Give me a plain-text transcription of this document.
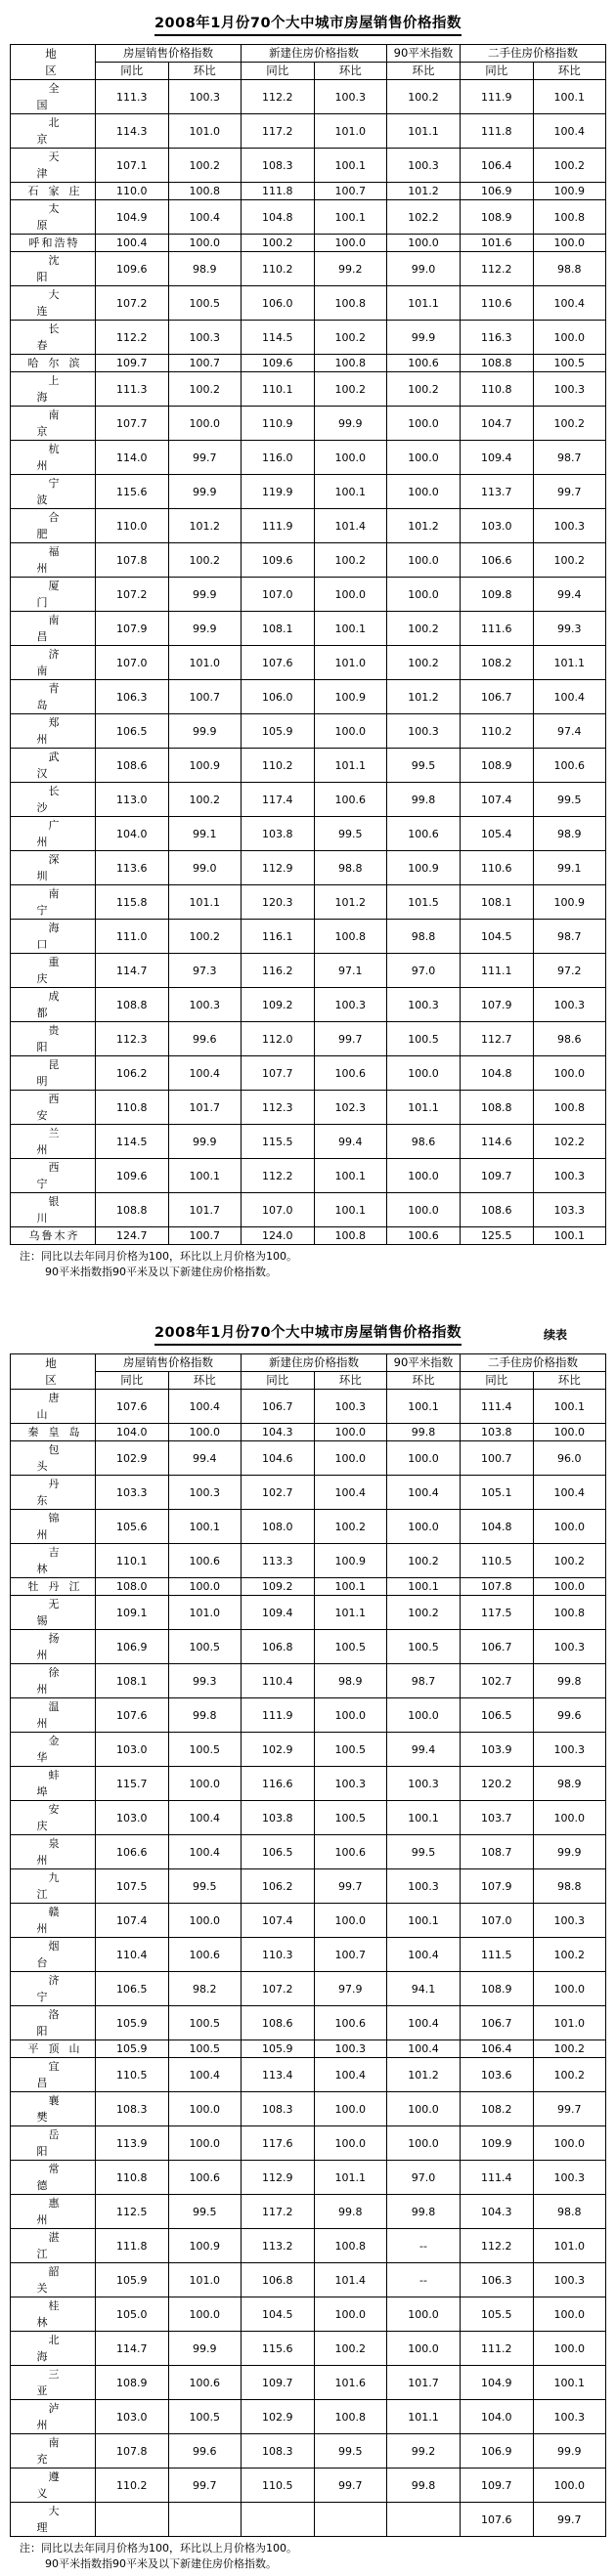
2008年1月份70个大中城市房屋销售价格指数
地 区	房屋销售价格指数		新建住房价格指数		90平米指数	二手住房价格指数	
	同比	环比	同比	环比	环比	同比	环比
全国	111.3	100.3	112.2	100.3	100.2	111.9	100.1
北京	114.3	101.0	117.2	101.0	101.1	111.8	100.4
天津	107.1	100.2	108.3	100.1	100.3	106.4	100.2
石家庄	110.0	100.8	111.8	100.7	101.2	106.9	100.9
太原	104.9	100.4	104.8	100.1	102.2	108.9	100.8
呼和浩特	100.4	100.0	100.2	100.0	100.0	101.6	100.0
沈阳	109.6	98.9	110.2	99.2	99.0	112.2	98.8
大连	107.2	100.5	106.0	100.8	101.1	110.6	100.4
长春	112.2	100.3	114.5	100.2	99.9	116.3	100.0
哈尔滨	109.7	100.7	109.6	100.8	100.6	108.8	100.5
上海	111.3	100.2	110.1	100.2	100.2	110.8	100.3
南京	107.7	100.0	110.9	99.9	100.0	104.7	100.2
杭州	114.0	99.7	116.0	100.0	100.0	109.4	98.7
宁波	115.6	99.9	119.9	100.1	100.0	113.7	99.7
合肥	110.0	101.2	111.9	101.4	101.2	103.0	100.3
福州	107.8	100.2	109.6	100.2	100.0	106.6	100.2
厦门	107.2	99.9	107.0	100.0	100.0	109.8	99.4
南昌	107.9	99.9	108.1	100.1	100.2	111.6	99.3
济南	107.0	101.0	107.6	101.0	100.2	108.2	101.1
青岛	106.3	100.7	106.0	100.9	101.2	106.7	100.4
郑州	106.5	99.9	105.9	100.0	100.3	110.2	97.4
武汉	108.6	100.9	110.2	101.1	99.5	108.9	100.6
长沙	113.0	100.2	117.4	100.6	99.8	107.4	99.5
广州	104.0	99.1	103.8	99.5	100.6	105.4	98.9
深圳	113.6	99.0	112.9	98.8	100.9	110.6	99.1
南宁	115.8	101.1	120.3	101.2	101.5	108.1	100.9
海口	111.0	100.2	116.1	100.8	98.8	104.5	98.7
重庆	114.7	97.3	116.2	97.1	97.0	111.1	97.2
成都	108.8	100.3	109.2	100.3	100.3	107.9	100.3
贵阳	112.3	99.6	112.0	99.7	100.5	112.7	98.6
昆明	106.2	100.4	107.7	100.6	100.0	104.8	100.0
西安	110.8	101.7	112.3	102.3	101.1	108.8	100.8
兰州	114.5	99.9	115.5	99.4	98.6	114.6	102.2
西宁	109.6	100.1	112.2	100.1	100.0	109.7	100.3
银川	108.8	101.7	107.0	100.1	100.0	108.6	103.3
乌鲁木齐	124.7	100.7	124.0	100.8	100.6	125.5	100.1
注：同比以去年同月价格为100，环比以上月价格为100。
90平米指数指90平米及以下新建住房价格指数。
2008年1月份70个大中城市房屋销售价格指数	续表
地 区	房屋销售价格指数		新建住房价格指数		90平米指数	二手住房价格指数	
	同比	环比	同比	环比	环比	同比	环比
唐山	107.6	100.4	106.7	100.3	100.1	111.4	100.1
秦皇岛	104.0	100.0	104.3	100.0	99.8	103.8	100.0
包头	102.9	99.4	104.6	100.0	100.0	100.7	96.0
丹东	103.3	100.3	102.7	100.4	100.4	105.1	100.4
锦州	105.6	100.1	108.0	100.2	100.0	104.8	100.0
吉林	110.1	100.6	113.3	100.9	100.2	110.5	100.2
牡丹江	108.0	100.0	109.2	100.1	100.1	107.8	100.0
无锡	109.1	101.0	109.4	101.1	100.2	117.5	100.8
扬州	106.9	100.5	106.8	100.5	100.5	106.7	100.3
徐州	108.1	99.3	110.4	98.9	98.7	102.7	99.8
温州	107.6	99.8	111.9	100.0	100.0	106.5	99.6
金华	103.0	100.5	102.9	100.5	99.4	103.9	100.3
蚌埠	115.7	100.0	116.6	100.3	100.3	120.2	98.9
安庆	103.0	100.4	103.8	100.5	100.1	103.7	100.0
泉州	106.6	100.4	106.5	100.6	99.5	108.7	99.9
九江	107.5	99.5	106.2	99.7	100.3	107.9	98.8
赣州	107.4	100.0	107.4	100.0	100.1	107.0	100.3
烟台	110.4	100.6	110.3	100.7	100.4	111.5	100.2
济宁	106.5	98.2	107.2	97.9	94.1	108.9	100.0
洛阳	105.9	100.5	108.6	100.6	100.4	106.7	101.0
平顶山	105.9	100.5	105.9	100.3	100.4	106.4	100.2
宜昌	110.5	100.4	113.4	100.4	101.2	103.6	100.2
襄樊	108.3	100.0	108.3	100.0	100.0	108.2	99.7
岳阳	113.9	100.0	117.6	100.0	100.0	109.9	100.0
常德	110.8	100.6	112.9	101.1	97.0	111.4	100.3
惠州	112.5	99.5	117.2	99.8	99.8	104.3	98.8
湛江	111.8	100.9	113.2	100.8	--	112.2	101.0
韶关	105.9	101.0	106.8	101.4	--	106.3	100.3
桂林	105.0	100.0	104.5	100.0	100.0	105.5	100.0
北海	114.7	99.9	115.6	100.2	100.0	111.2	100.0
三亚	108.9	100.6	109.7	101.6	101.7	104.9	100.1
泸州	103.0	100.5	102.9	100.8	101.1	104.0	100.3
南充	107.8	99.6	108.3	99.5	99.2	106.9	99.9
遵义	110.2	99.7	110.5	99.7	99.8	109.7	100.0
大理						107.6	99.7
注：同比以去年同月价格为100，环比以上月价格为100。
90平米指数指90平米及以下新建住房价格指数。
